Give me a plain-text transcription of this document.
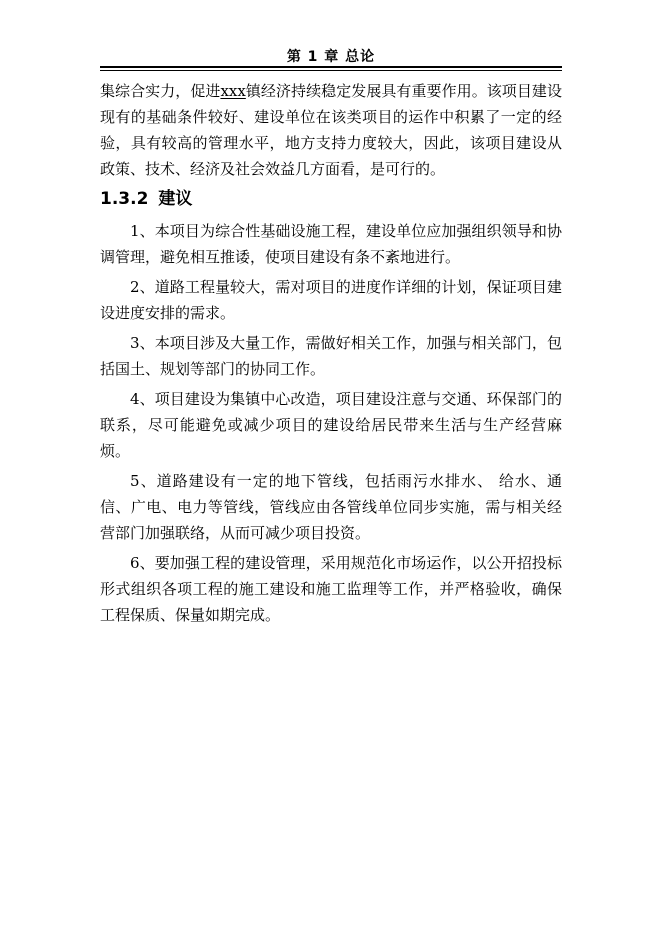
第 1 章 总论

集综合实力，促进xxx镇经济持续稳定发展具有重要作用。该项目建设现有的基础条件较好、建设单位在该类项目的运作中积累了一定的经验，具有较高的管理水平，地方支持力度较大，因此，该项目建设从政策、技术、经济及社会效益几方面看，是可行的。

1.3.2 建议

1、本项目为综合性基础设施工程，建设单位应加强组织领导和协调管理，避免相互推诿，使项目建设有条不紊地进行。

2、道路工程量较大，需对项目的进度作详细的计划，保证项目建设进度安排的需求。

3、本项目涉及大量工作，需做好相关工作，加强与相关部门，包括国土、规划等部门的协同工作。

4、项目建设为集镇中心改造，项目建设注意与交通、环保部门的联系，尽可能避免或减少项目的建设给居民带来生活与生产经营麻烦。

5、道路建设有一定的地下管线，包括雨污水排水、 给水、通信、广电、电力等管线，管线应由各管线单位同步实施，需与相关经营部门加强联络，从而可减少项目投资。

6、要加强工程的建设管理，采用规范化市场运作，以公开招投标形式组织各项工程的施工建设和施工监理等工作，并严格验收，确保工程保质、保量如期完成。
